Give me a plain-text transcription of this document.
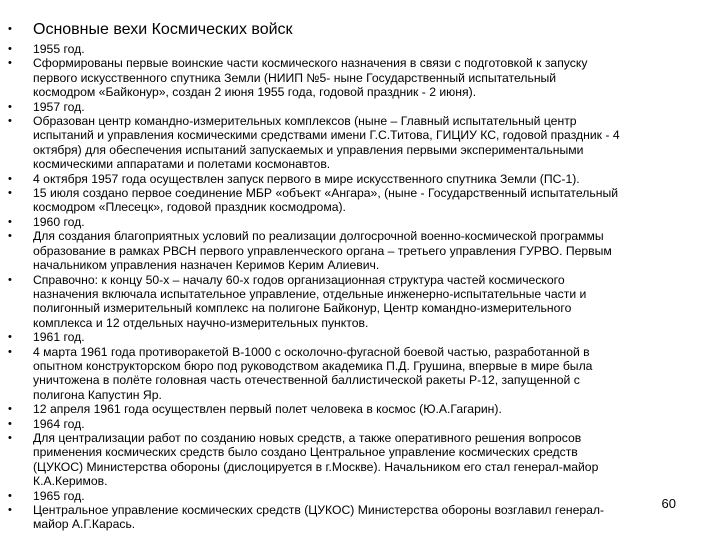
• Основные вехи Космических войск
• 1955 год.
• Сформированы первые воинские части космического назначения в связи с подготовкой к запуску
первого искусственного спутника Земли (НИИП №5- ныне Государственный испытательный
космодром «Байконур», создан 2 июня 1955 года, годовой праздник - 2 июня).
• 1957 год.
• Образован центр командно-измерительных комплексов (ныне – Главный испытательный центр
испытаний и управления космическими средствами имени Г.С.Титова, ГИЦИУ КС, годовой праздник - 4
октября) для обеспечения испытаний запускаемых и управления первыми экспериментальными
космическими аппаратами и полетами космонавтов.
• 4 октября 1957 года осуществлен запуск первого в мире искусственного спутника Земли (ПС-1).
• 15 июля создано первое соединение МБР «объект «Ангара», (ныне - Государственный испытательный
космодром «Плесецк», годовой праздник космодрома).
• 1960 год.
• Для создания благоприятных условий по реализации долгосрочной военно-космической программы
образование в рамках РВСН первого управленческого органа – третьего управления ГУРВО. Первым
начальником управления назначен Керимов Керим Алиевич.
• Справочно: к концу 50-х – началу 60-х годов организационная структура частей космического
назначения включала испытательное управление, отдельные инженерно-испытательные части и
полигонный измерительный комплекс на полигоне Байконур, Центр командно-измерительного
комплекса и 12 отдельных научно-измерительных пунктов.
• 1961 год.
• 4 марта 1961 года противоракетой В-1000 с осколочно-фугасной боевой частью, разработанной в
опытном конструкторском бюро под руководством академика П.Д. Грушина, впервые в мире была
уничтожена в полёте головная часть отечественной баллистической ракеты Р-12, запущенной с
полигона Капустин Яр.
• 12 апреля 1961 года осуществлен первый полет человека в космос (Ю.А.Гагарин).
• 1964 год.
• Для централизации работ по созданию новых средств, а также оперативного решения вопросов
применения космических средств было создано Центральное управление космических средств
(ЦУКОС) Министерства обороны (дислоцируется в г.Москве). Начальником его стал генерал-майор
К.А.Керимов.
• 1965 год.
• Центральное управление космических средств (ЦУКОС) Министерства обороны возглавил генерал-
майор А.Г.Карась.
60
